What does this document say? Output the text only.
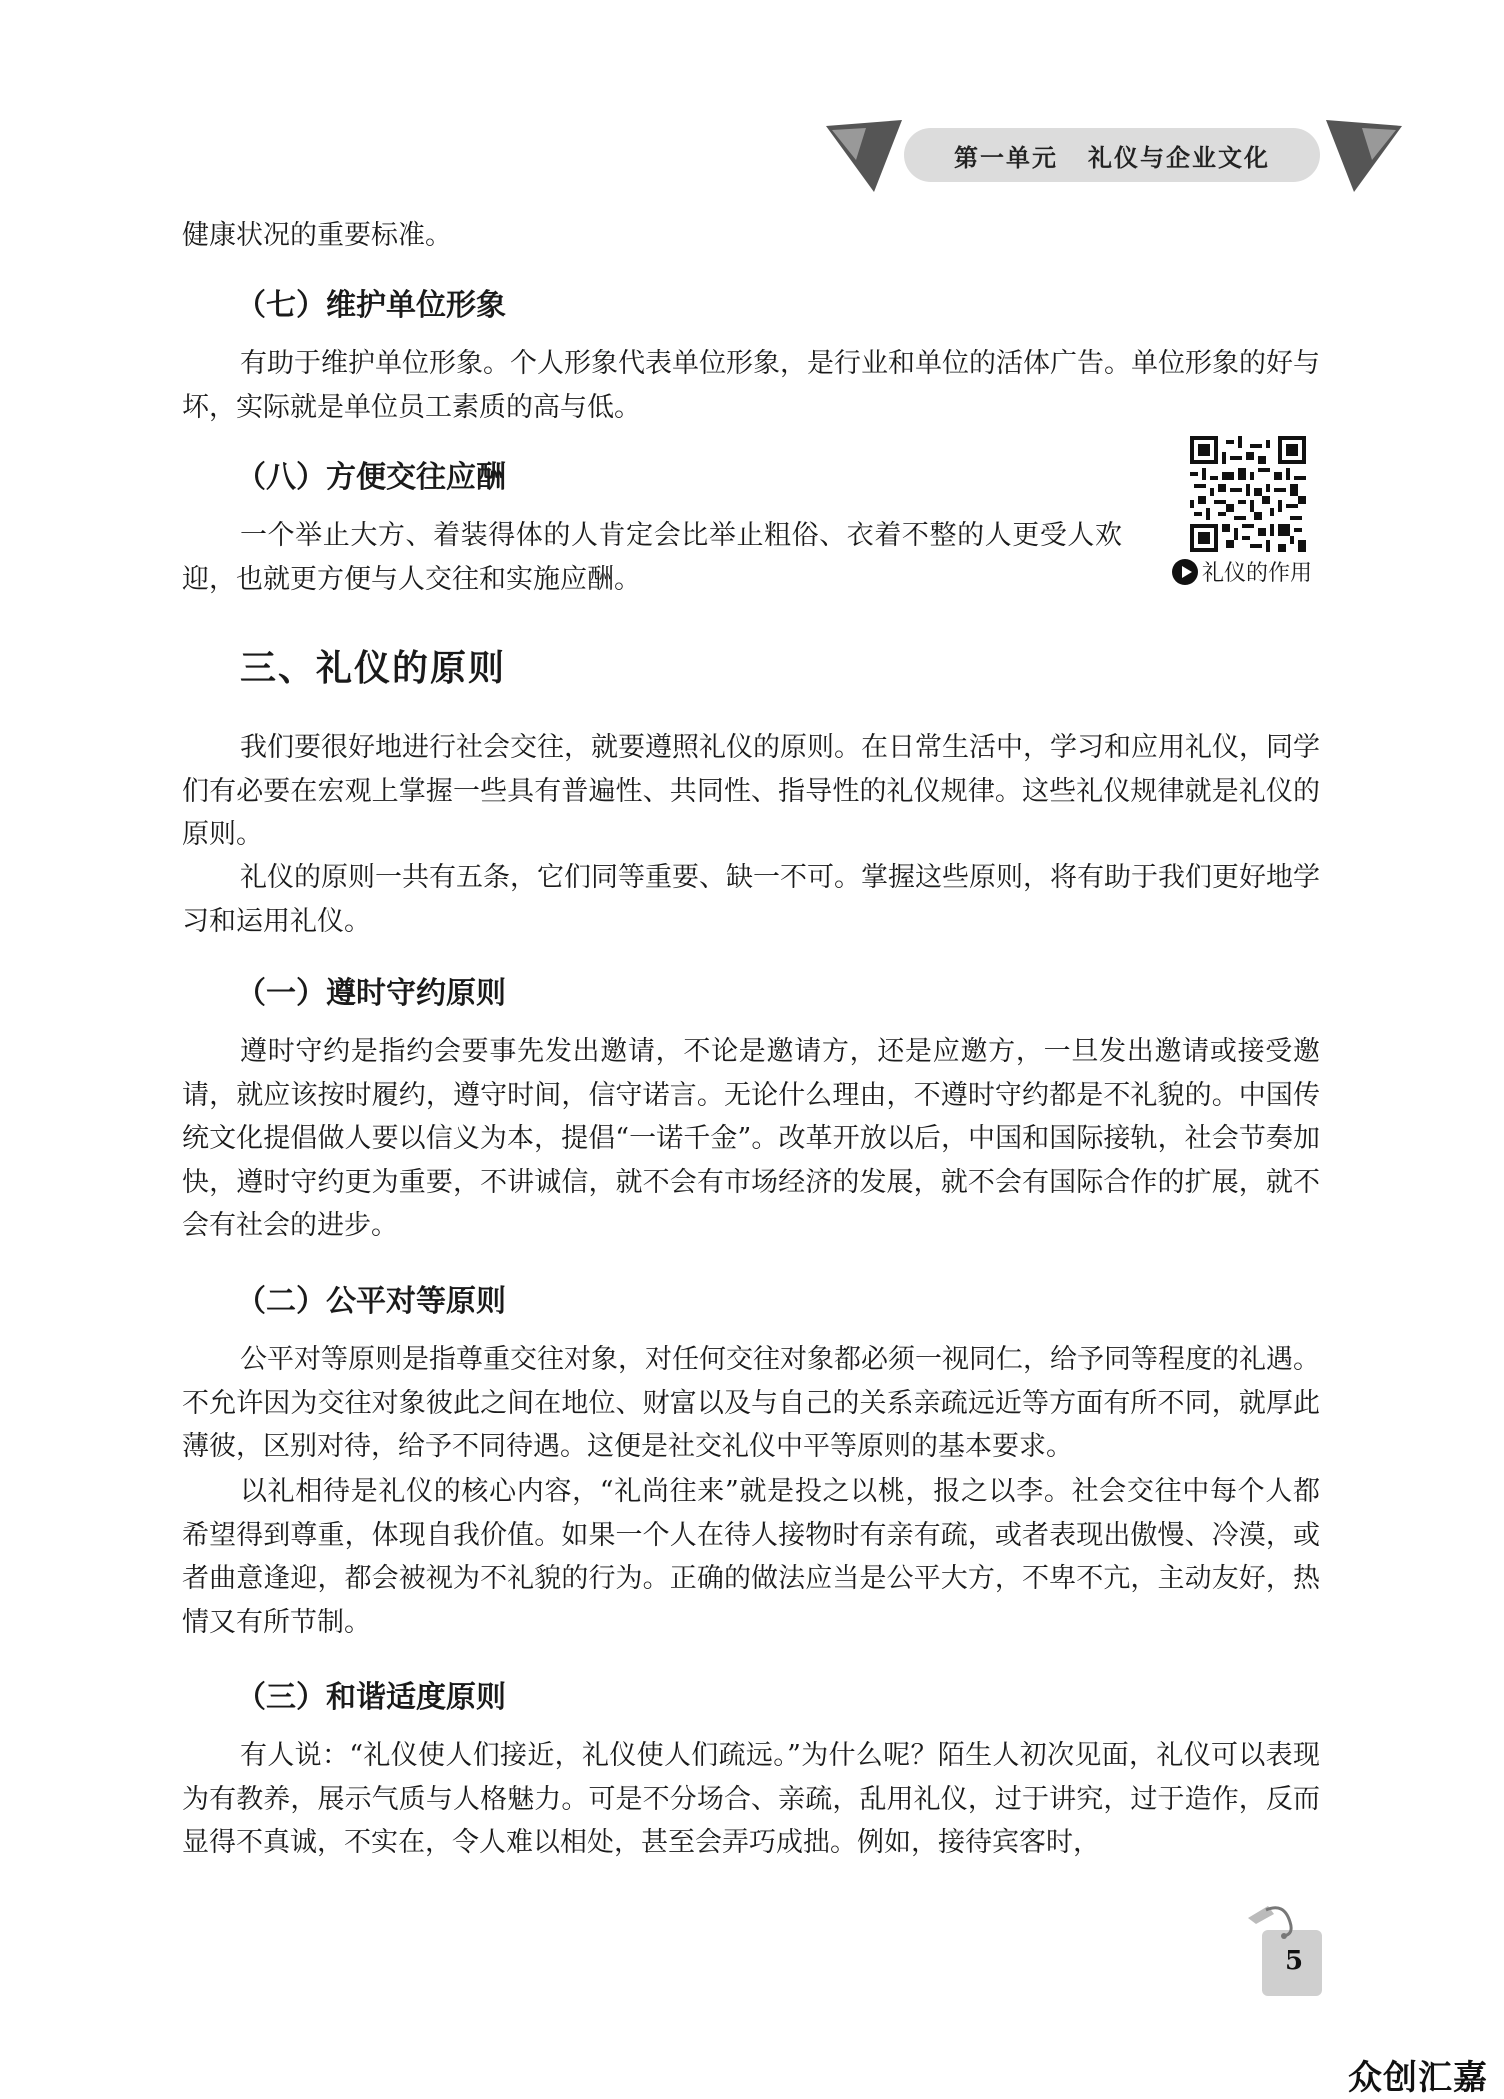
第一单元 礼仪与企业文化
健康状况的重要标准。
（七）维护单位形象
有助于维护单位形象。个人形象代表单位形象，是行业和单位的活体广告。单位形象的好与坏，实际就是单位员工素质的高与低。
（八）方便交往应酬
一个举止大方、着装得体的人肯定会比举止粗俗、衣着不整的人更受人欢迎，也就更方便与人交往和实施应酬。	礼仪的作用
三、礼仪的原则
我们要很好地进行社会交往，就要遵照礼仪的原则。在日常生活中，学习和应用礼仪，同学们有必要在宏观上掌握一些具有普遍性、共同性、指导性的礼仪规律。这些礼仪规律就是礼仪的原则。
礼仪的原则一共有五条，它们同等重要、缺一不可。掌握这些原则，将有助于我们更好地学习和运用礼仪。
（一）遵时守约原则
遵时守约是指约会要事先发出邀请，不论是邀请方，还是应邀方，一旦发出邀请或接受邀请，就应该按时履约，遵守时间，信守诺言。无论什么理由，不遵时守约都是不礼貌的。中国传统文化提倡做人要以信义为本，提倡“一诺千金”。改革开放以后，中国和国际接轨，社会节奏加快，遵时守约更为重要，不讲诚信，就不会有市场经济的发展，就不会有国际合作的扩展，就不会有社会的进步。
（二）公平对等原则
公平对等原则是指尊重交往对象，对任何交往对象都必须一视同仁，给予同等程度的礼遇。不允许因为交往对象彼此之间在地位、财富以及与自己的关系亲疏远近等方面有所不同，就厚此薄彼，区别对待，给予不同待遇。这便是社交礼仪中平等原则的基本要求。
以礼相待是礼仪的核心内容，“礼尚往来”就是投之以桃，报之以李。社会交往中每个人都希望得到尊重，体现自我价值。如果一个人在待人接物时有亲有疏，或者表现出傲慢、冷漠，或者曲意逢迎，都会被视为不礼貌的行为。正确的做法应当是公平大方，不卑不亢，主动友好，热情又有所节制。
（三）和谐适度原则
有人说：“礼仪使人们接近，礼仪使人们疏远。”为什么呢？陌生人初次见面，礼仪可以表现为有教养，展示气质与人格魅力。可是不分场合、亲疏，乱用礼仪，过于讲究，过于造作，反而显得不真诚，不实在，令人难以相处，甚至会弄巧成拙。例如，接待宾客时，
5
众创汇嘉
